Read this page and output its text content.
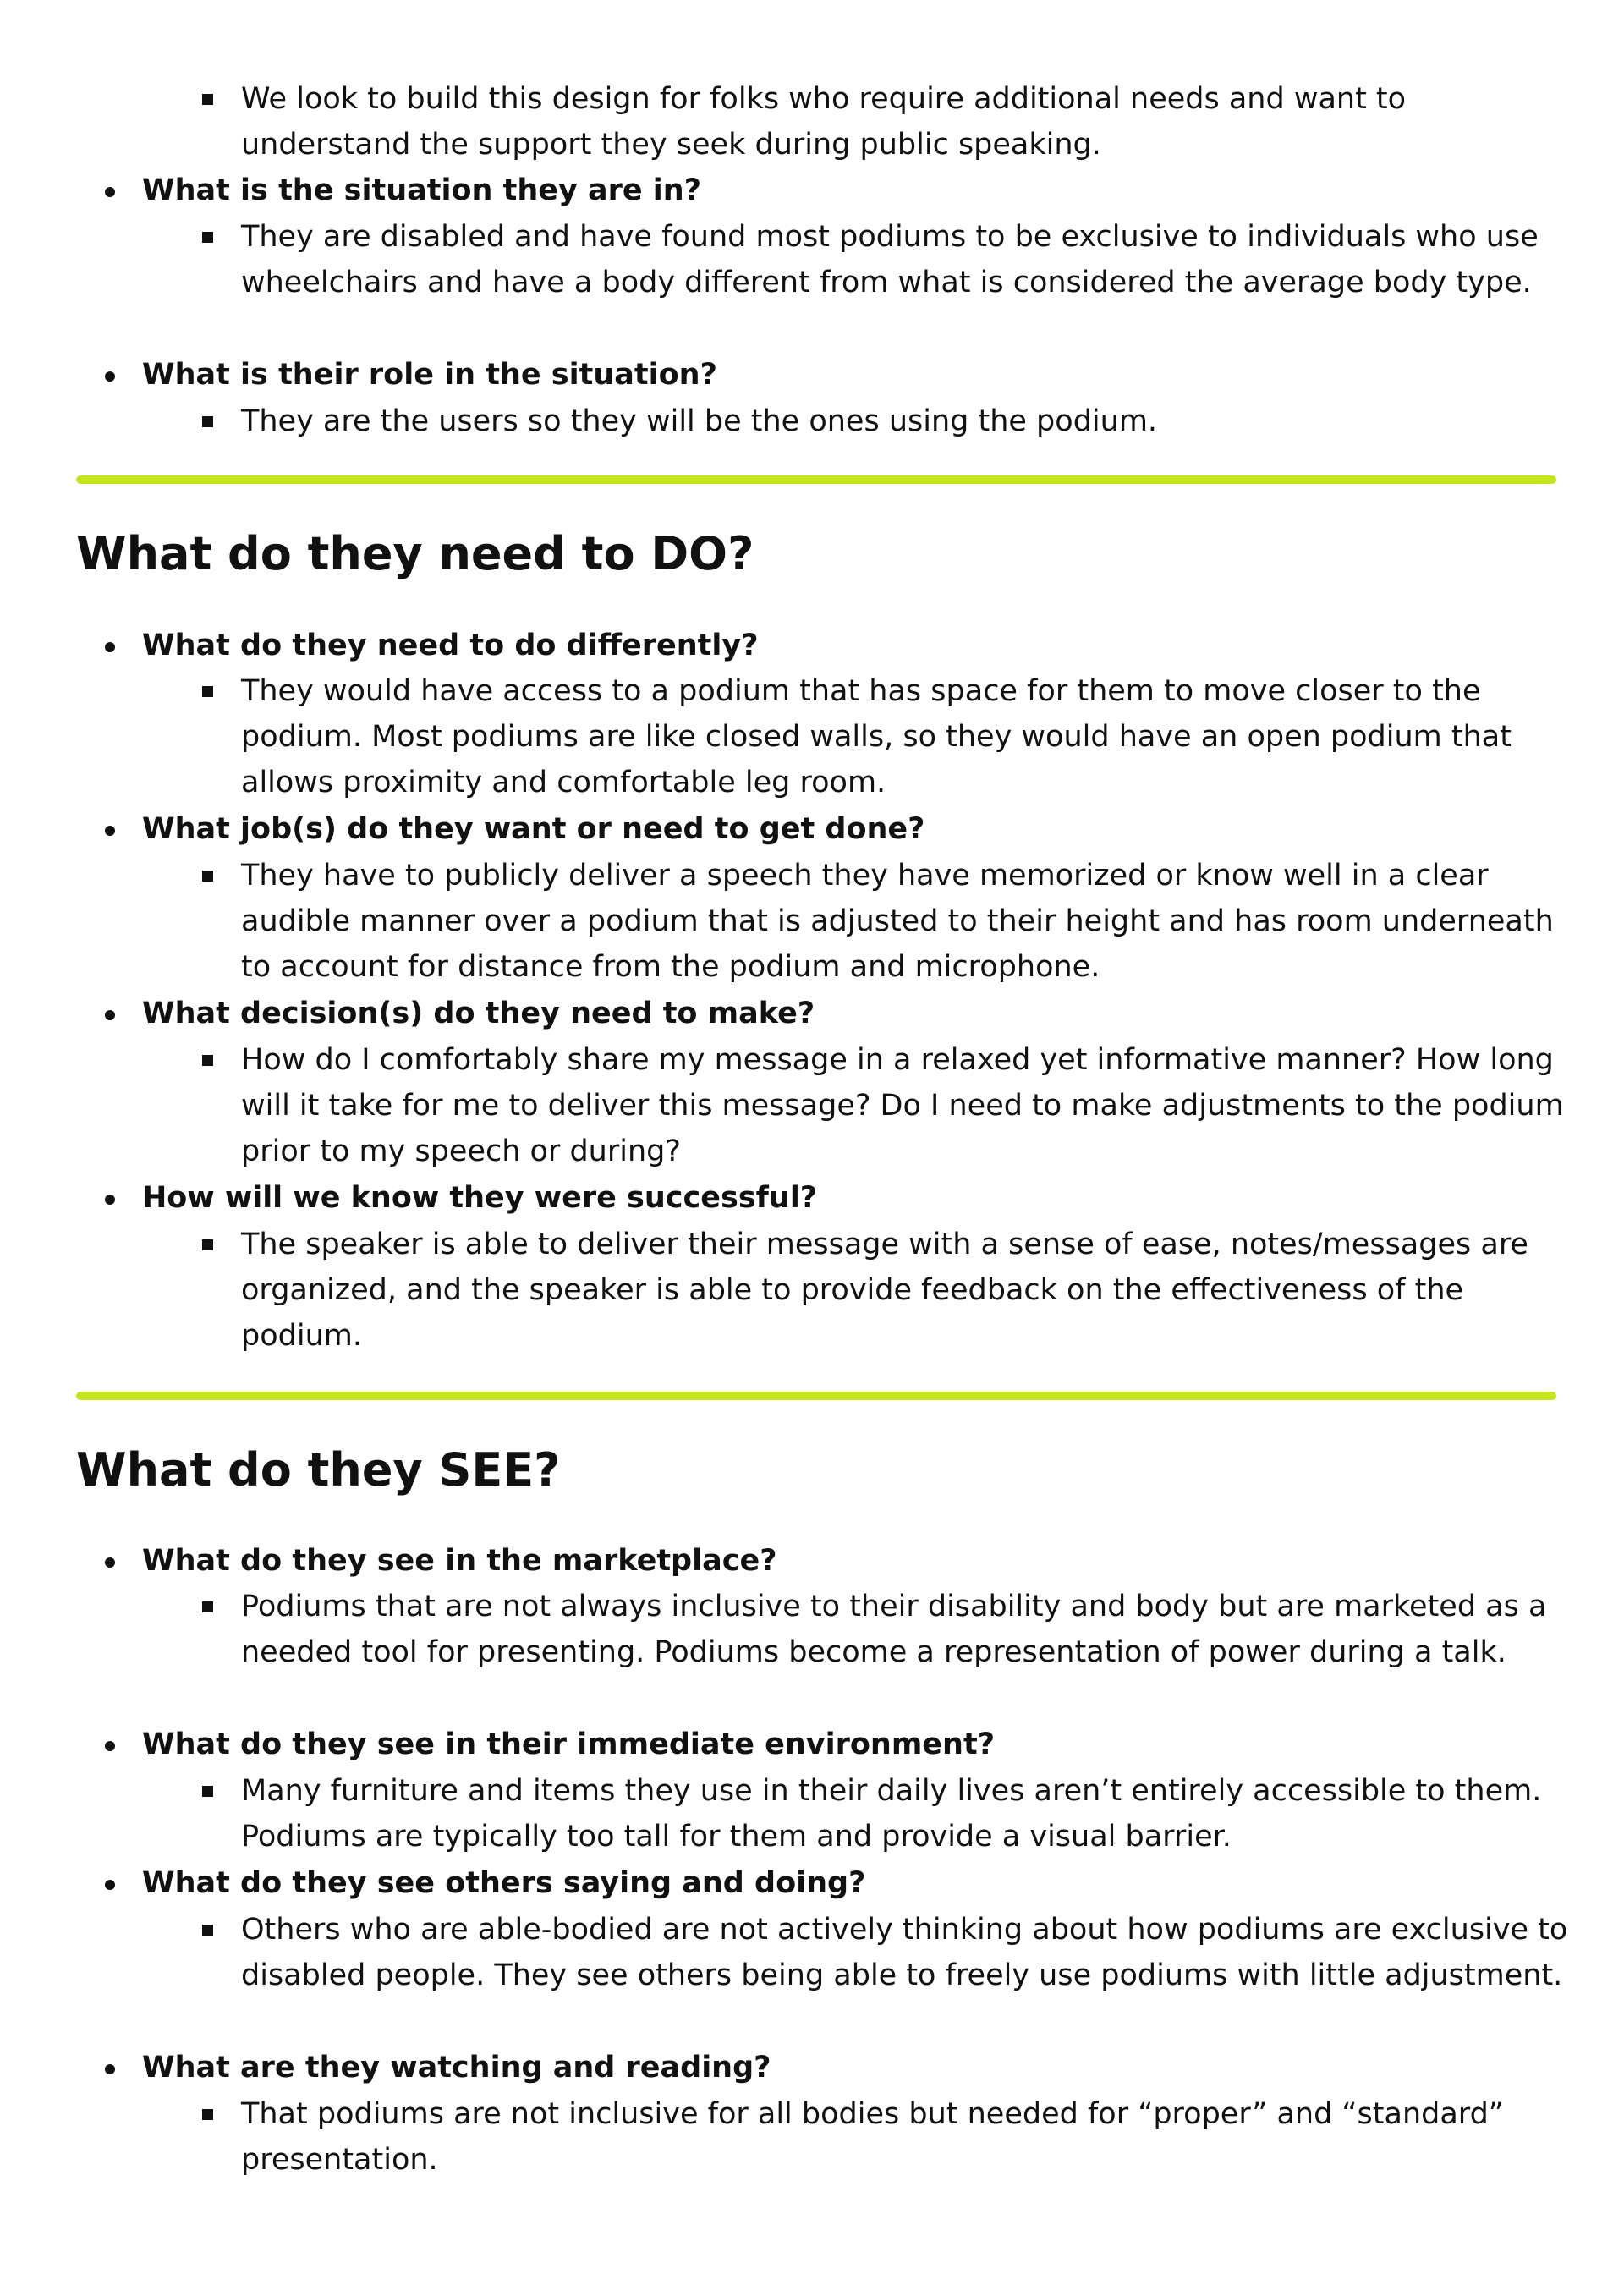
We look to build this design for folks who require additional needs and want to understand the support they seek during public speaking.
What is the situation they are in?
They are disabled and have found most podiums to be exclusive to individuals who use wheelchairs and have a body different from what is considered the average body type.
What is their role in the situation?
They are the users so they will be the ones using the podium.
What do they need to DO?
What do they need to do differently?
They would have access to a podium that has space for them to move closer to the podium. Most podiums are like closed walls, so they would have an open podium that allows proximity and comfortable leg room.
What job(s) do they want or need to get done?
They have to publicly deliver a speech they have memorized or know well in a clear audible manner over a podium that is adjusted to their height and has room underneath to account for distance from the podium and microphone.
What decision(s) do they need to make?
How do I comfortably share my message in a relaxed yet informative manner? How long will it take for me to deliver this message? Do I need to make adjustments to the podium prior to my speech or during?
How will we know they were successful?
The speaker is able to deliver their message with a sense of ease, notes/messages are organized, and the speaker is able to provide feedback on the effectiveness of the podium.
What do they SEE?
What do they see in the marketplace?
Podiums that are not always inclusive to their disability and body but are marketed as a needed tool for presenting. Podiums become a representation of power during a talk.
What do they see in their immediate environment?
Many furniture and items they use in their daily lives aren’t entirely accessible to them. Podiums are typically too tall for them and provide a visual barrier.
What do they see others saying and doing?
Others who are able-bodied are not actively thinking about how podiums are exclusive to disabled people. They see others being able to freely use podiums with little adjustment.
What are they watching and reading?
That podiums are not inclusive for all bodies but needed for “proper” and “standard” presentation.
